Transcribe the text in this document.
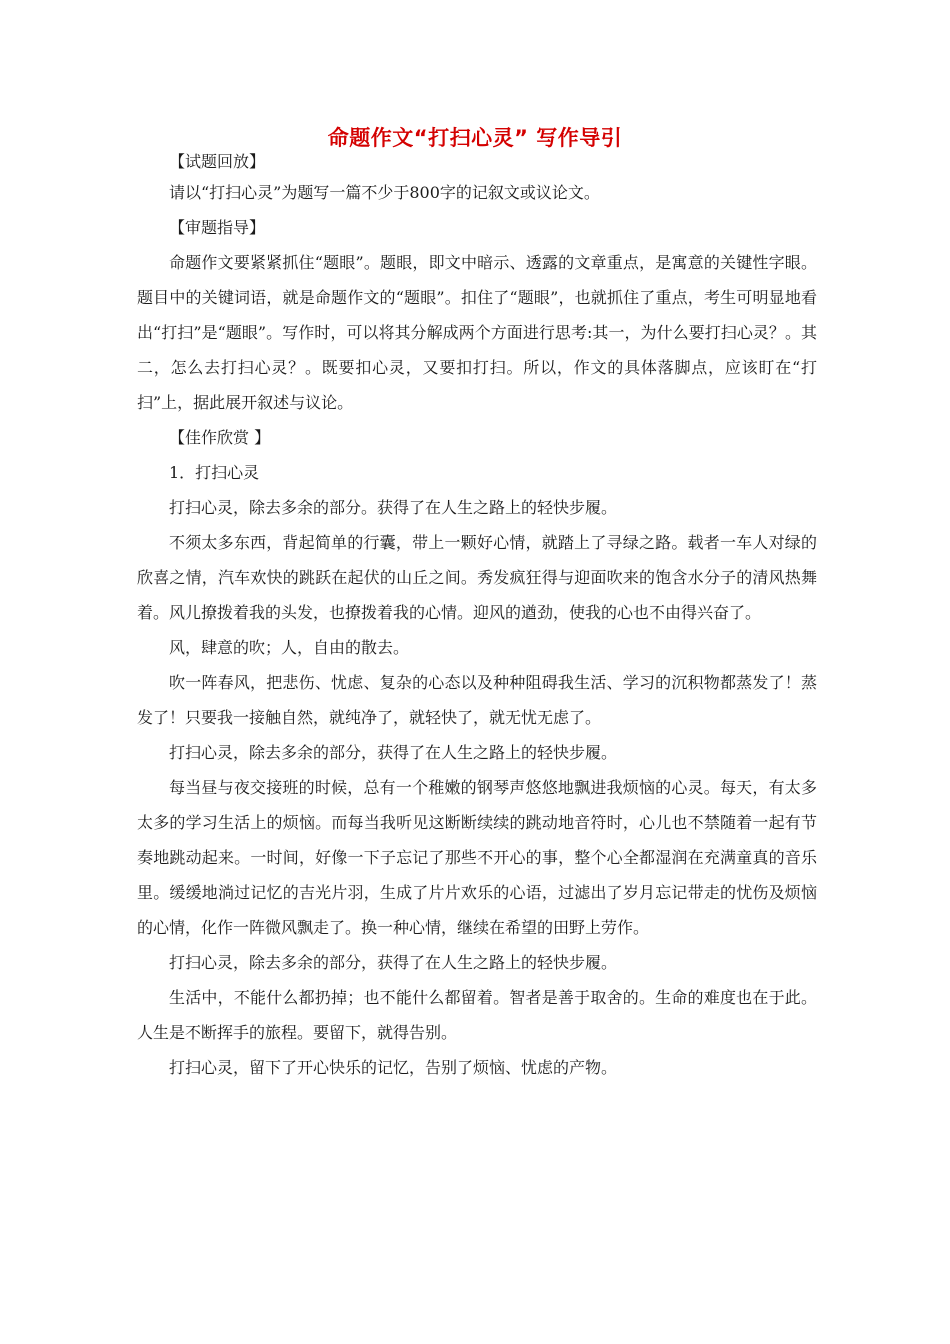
命题作文“打扫心灵” 写作导引

【试题回放】

请以“打扫心灵”为题写一篇不少于800字的记叙文或议论文。

【审题指导】

命题作文要紧紧抓住“题眼”。题眼，即文中暗示、透露的文章重点，是寓意的关键性字眼。题目中的关键词语，就是命题作文的“题眼”。扣住了“题眼”，也就抓住了重点，考生可明显地看出“打扫”是“题眼”。写作时，可以将其分解成两个方面进行思考:其一，为什么要打扫心灵？。其二，怎么去打扫心灵？。既要扣心灵，又要扣打扫。所以，作文的具体落脚点，应该盯在“打扫”上，据此展开叙述与议论。

【佳作欣赏 】

1．打扫心灵

打扫心灵，除去多余的部分。获得了在人生之路上的轻快步履。

不须太多东西，背起简单的行囊，带上一颗好心情，就踏上了寻绿之路。载者一车人对绿的欣喜之情，汽车欢快的跳跃在起伏的山丘之间。秀发疯狂得与迎面吹来的饱含水分子的清风热舞着。风儿撩拨着我的头发，也撩拨着我的心情。迎风的遒劲，使我的心也不由得兴奋了。

风，肆意的吹；人，自由的散去。

吹一阵春风，把悲伤、忧虑、复杂的心态以及种种阻碍我生活、学习的沉积物都蒸发了！蒸发了！只要我一接触自然，就纯净了，就轻快了，就无忧无虑了。

打扫心灵，除去多余的部分，获得了在人生之路上的轻快步履。

每当昼与夜交接班的时候，总有一个稚嫩的钢琴声悠悠地飘进我烦恼的心灵。每天，有太多太多的学习生活上的烦恼。而每当我听见这断断续续的跳动地音符时，心儿也不禁随着一起有节奏地跳动起来。一时间，好像一下子忘记了那些不开心的事，整个心全都湿润在充满童真的音乐里。缓缓地淌过记忆的吉光片羽，生成了片片欢乐的心语，过滤出了岁月忘记带走的忧伤及烦恼的心情，化作一阵微风飘走了。换一种心情，继续在希望的田野上劳作。

打扫心灵，除去多余的部分，获得了在人生之路上的轻快步履。

生活中，不能什么都扔掉；也不能什么都留着。智者是善于取舍的。生命的难度也在于此。人生是不断挥手的旅程。要留下，就得告别。

打扫心灵，留下了开心快乐的记忆，告别了烦恼、忧虑的产物。
